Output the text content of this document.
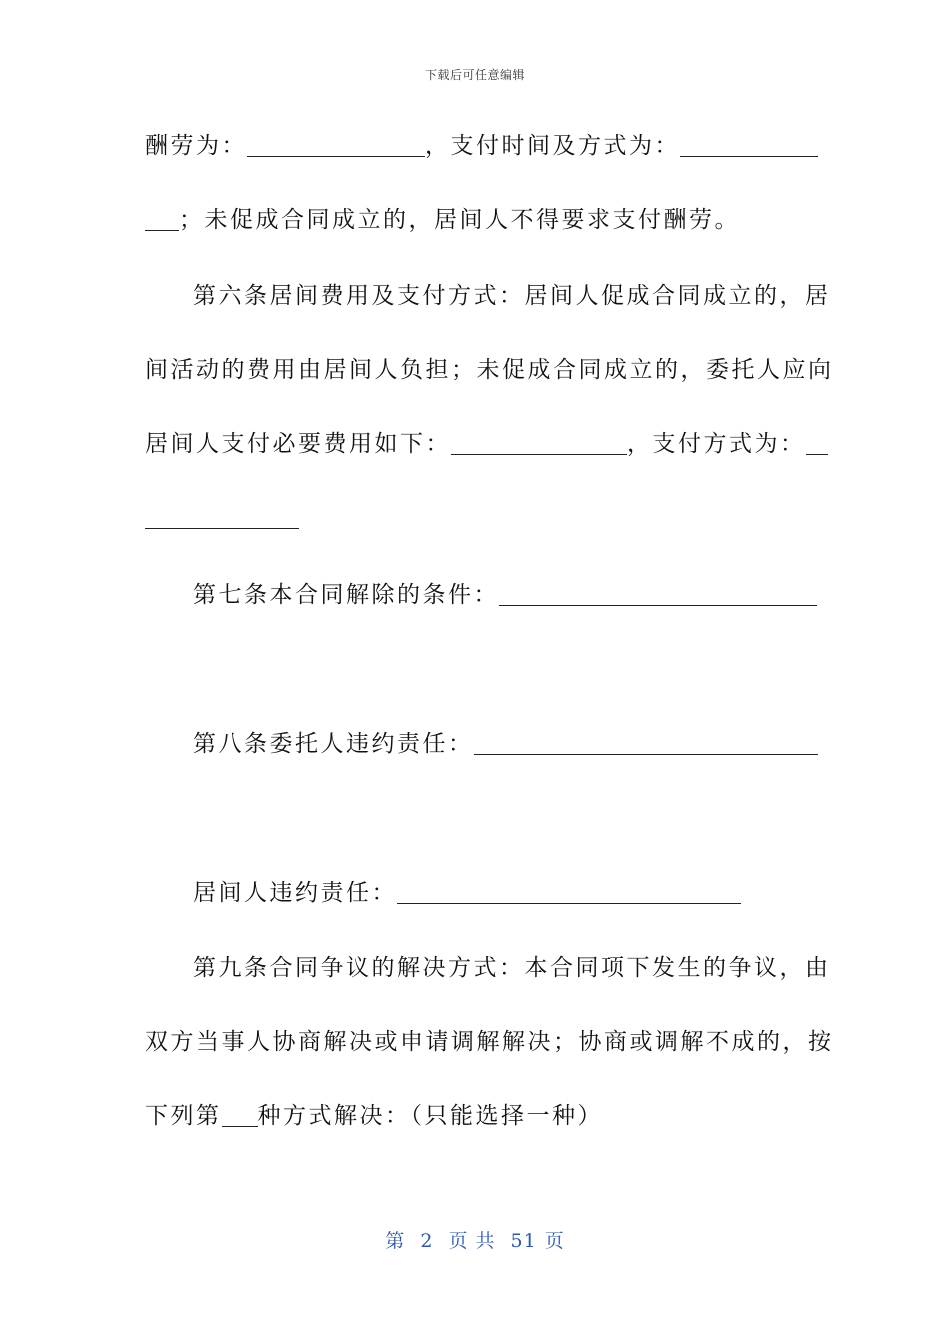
下载后可任意编辑
酬劳为：	，支付时间及方式为：
；未促成合同成立的，居间人不得要求支付酬劳。
第六条居间费用及支付方式：居间人促成合同成立的，居
间活动的费用由居间人负担；未促成合同成立的，委托人应向
居间人支付必要费用如下：	，支付方式为：
第七条本合同解除的条件：
第八条委托人违约责任：
居间人违约责任：
第九条合同争议的解决方式：本合同项下发生的争议，由
双方当事人协商解决或申请调解解决；协商或调解不成的，按
下列第 种方式解决：（只能选择一种）
第 2 页 共 51 页
